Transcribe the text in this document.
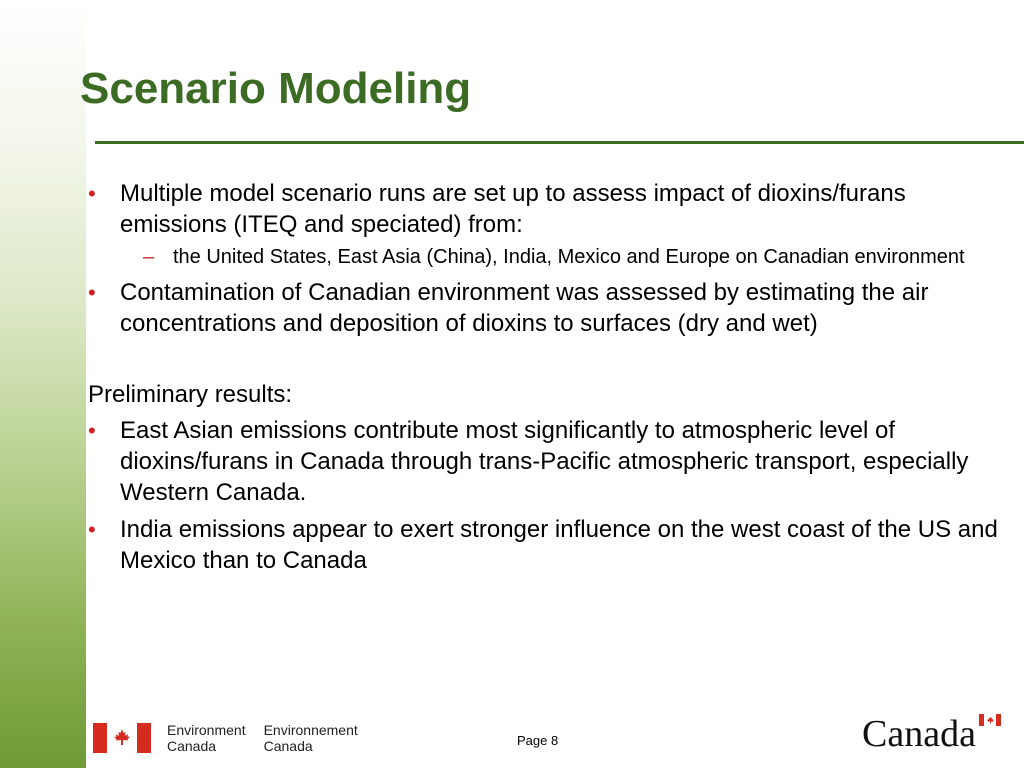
Scenario Modeling
• Multiple model scenario runs are set up to assess impact of dioxins/furans emissions (ITEQ and speciated) from:
– the United States, East Asia (China), India, Mexico and Europe on Canadian environment
• Contamination of Canadian environment was assessed by estimating the air concentrations and deposition of dioxins to surfaces (dry and wet)
Preliminary results:
• East Asian emissions contribute most significantly to atmospheric level of dioxins/furans in Canada through trans-Pacific atmospheric transport, especially Western Canada.
• India emissions appear to exert stronger influence on the west coast of the US and Mexico than to Canada
Environment
Canada
Environnement
Canada	Page 8	Canada
